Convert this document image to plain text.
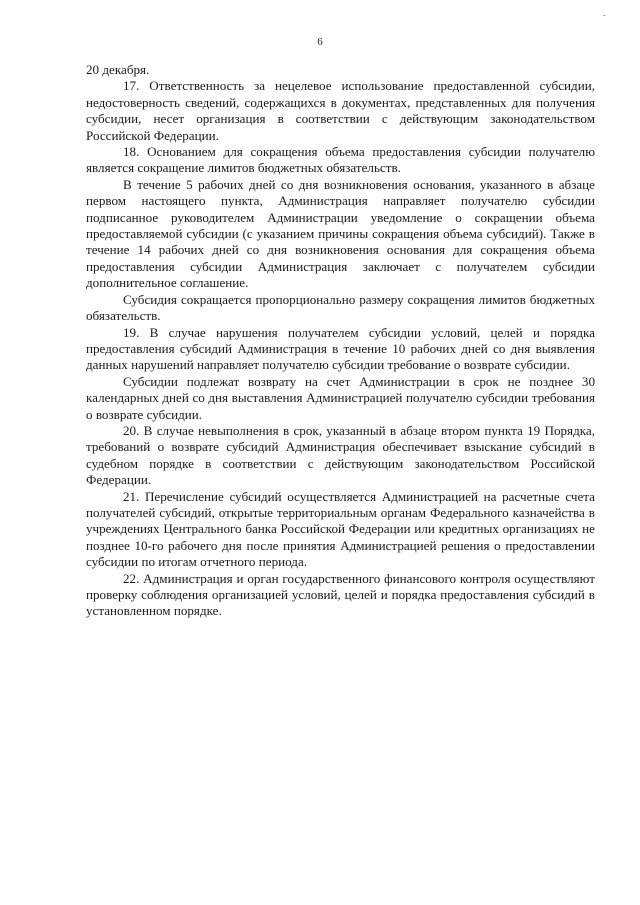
-
6

20 декабря.

17. Ответственность за нецелевое использование предоставленной субсидии, недостоверность сведений, содержащихся в документах, представленных для получения субсидии, несет организация в соответствии с действующим законодательством Российской Федерации.

18. Основанием для сокращения объема предоставления субсидии получателю является сокращение лимитов бюджетных обязательств.

В течение 5 рабочих дней со дня возникновения основания, указанного в абзаце первом настоящего пункта, Администрация направляет получателю субсидии подписанное руководителем Администрации уведомление о сокращении объема предоставляемой субсидии (с указанием причины сокращения объема субсидий). Также в течение 14 рабочих дней со дня возникновения основания для сокращения объема предоставления субсидии Администрация заключает с получателем субсидии дополнительное соглашение.

Субсидия сокращается пропорционально размеру сокращения лимитов бюджетных обязательств.

19. В случае нарушения получателем субсидии условий, целей и порядка предоставления субсидий Администрация в течение 10 рабочих дней со дня выявления данных нарушений направляет получателю субсидии требование о возврате субсидии.

Субсидии подлежат возврату на счет Администрации в срок не позднее 30 календарных дней со дня выставления Администрацией получателю субсидии требования о возврате субсидии.

20. В случае невыполнения в срок, указанный в абзаце втором пункта 19 Порядка, требований о возврате субсидий Администрация обеспечивает взыскание субсидий в судебном порядке в соответствии с действующим законодательством Российской Федерации.

21. Перечисление субсидий осуществляется Администрацией на расчетные счета получателей субсидий, открытые территориальным органам Федерального казначейства в учреждениях Центрального банка Российской Федерации или кредитных организациях не позднее 10-го рабочего дня после принятия Администрацией решения о предоставлении субсидии по итогам отчетного периода.

22. Администрация и орган государственного финансового контроля осуществляют проверку соблюдения организацией условий, целей и порядка предоставления субсидий в установленном порядке.
